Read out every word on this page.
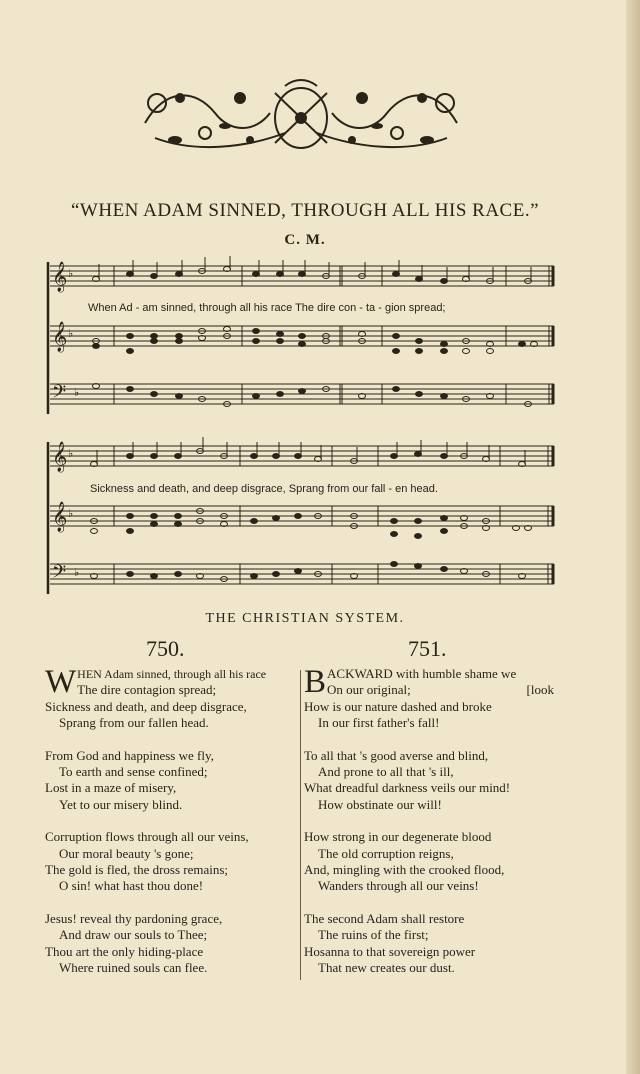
“WHEN ADAM SINNED, THROUGH ALL HIS RACE.”
C. M.
𝄞
𝄞
𝄢
♭
♭
♭
When Ad - am sinned, through all his race The dire con - ta - gion spread;
𝄞
𝄞
𝄢
♭
♭
♭
Sickness and death, and deep disgrace, Sprang from our fall - en head.
THE CHRISTIAN SYSTEM.
750.	751.
W HEN Adam sinned, through all his race
The dire contagion spread;
Sickness and death, and deep disgrace,
Sprang from our fallen head.
From God and happiness we fly,
To earth and sense confined;
Lost in a maze of misery,
Yet to our misery blind.
Corruption flows through all our veins,
Our moral beauty 's gone;
The gold is fled, the dross remains;
O sin! what hast thou done!
Jesus! reveal thy pardoning grace,
And draw our souls to Thee;
Thou art the only hiding-place
Where ruined souls can flee.
B ACKWARD with humble shame we
On our original;	[look
How is our nature dashed and broke
In our first father's fall!
To all that 's good averse and blind,
And prone to all that 's ill,
What dreadful darkness veils our mind!
How obstinate our will!
How strong in our degenerate blood
The old corruption reigns,
And, mingling with the crooked flood,
Wanders through all our veins!
The second Adam shall restore
The ruins of the first;
Hosanna to that sovereign power
That new creates our dust.
